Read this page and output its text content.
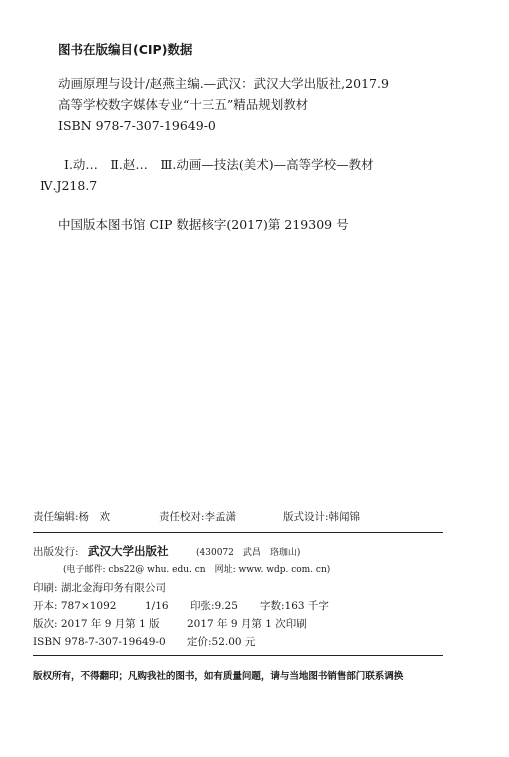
图书在版编目(CIP)数据
动画原理与设计/赵燕主编.—武汉：武汉大学出版社,2017.9
高等学校数字媒体专业“十三五”精品规划教材
ISBN 978-7-307-19649-0
Ⅰ.动…　Ⅱ.赵…　Ⅲ.动画—技法(美术)—高等学校—教材
Ⅳ.J218.7
中国版本图书馆 CIP 数据核字(2017)第 219309 号
责任编辑:杨　欢	责任校对:李孟潇	版式设计:韩闻锦
出版发行: 武汉大学出版社	(430072　武昌　珞珈山)
(电子邮件: cbs22@ whu. edu. cn　网址: www. wdp. com. cn)
印刷: 湖北金海印务有限公司
开本: 787×1092	1/16 印张:9.25 字数:163 千字
版次: 2017 年 9 月第 1 版	2017 年 9 月第 1 次印刷
ISBN 978-7-307-19649-0 定价:52.00 元
版权所有，不得翻印；凡购我社的图书，如有质量问题，请与当地图书销售部门联系调换
